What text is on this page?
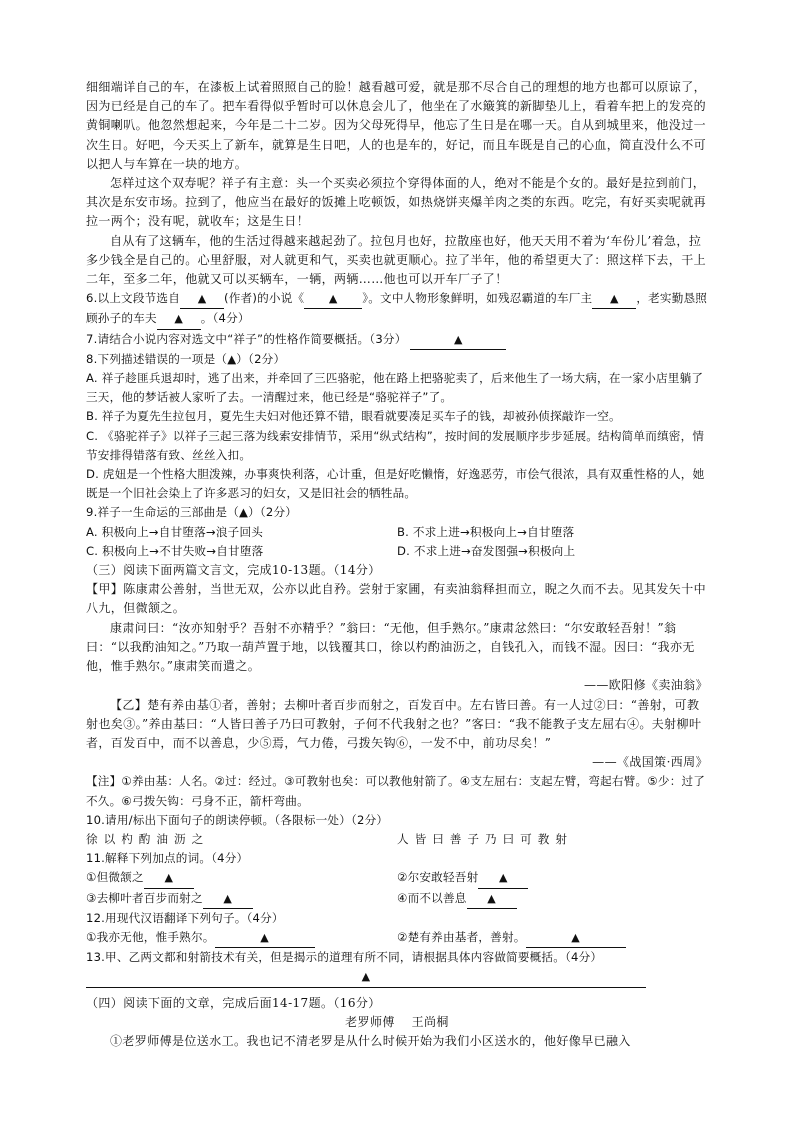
细细端详自己的车，在漆板上试着照照自己的脸！越看越可爱，就是那不尽合自己的理想的地方也都可以原谅了，因为已经是自己的车了。把车看得似乎暂时可以休息会儿了，他坐在了水簸箕的新脚垫儿上，看着车把上的发亮的黄铜喇叭。他忽然想起来，今年是二十二岁。因为父母死得早，他忘了生日是在哪一天。自从到城里来，他没过一次生日。好吧，今天买上了新车，就算是生日吧，人的也是车的，好记，而且车既是自己的心血，简直没什么不可以把人与车算在一块的地方。

怎样过这个双寿呢？祥子有主意：头一个买卖必须拉个穿得体面的人，绝对不能是个女的。最好是拉到前门，其次是东安市场。拉到了，他应当在最好的饭摊上吃顿饭，如热烧饼夹爆羊肉之类的东西。吃完，有好买卖呢就再拉一两个；没有呢，就收车；这是生日！

自从有了这辆车，他的生活过得越来越起劲了。拉包月也好，拉散座也好，他天天用不着为‘车份儿’着急，拉多少钱全是自己的。心里舒服，对人就更和气，买卖也就更顺心。拉了半年，他的希望更大了：照这样下去，干上二年，至多二年，他就又可以买辆车，一辆，两辆……他也可以开车厂子了！

6.以上文段节选自 ▲ (作者)的小说《 ▲ 》。文中人物形象鲜明，如残忍霸道的车厂主 ▲ ，老实勤恳照顾孙子的车夫 ▲ 。（4分）

7.请结合小说内容对选文中“祥子”的性格作简要概括。（3分）	▲

8.下列描述错误的一项是（▲）（2分）

A. 祥子趁匪兵退却时，逃了出来，并牵回了三匹骆驼，他在路上把骆驼卖了，后来他生了一场大病，在一家小店里躺了三天，他的梦话被人家听了去。一清醒过来，他已经是“骆驼祥子”了。

B. 祥子为夏先生拉包月，夏先生夫妇对他还算不错，眼看就要凑足买车子的钱，却被孙侦探敲诈一空。

C. 《骆驼祥子》以祥子三起三落为线索安排情节，采用“纵式结构”，按时间的发展顺序步步延展。结构简单而缜密，情节安排得错落有致、丝丝入扣。

D. 虎妞是一个性格大胆泼辣，办事爽快利落，心计重，但是好吃懒惰，好逸恶劳，市侩气很浓，具有双重性格的人，她既是一个旧社会染上了许多恶习的妇女，又是旧社会的牺牲品。

9.祥子一生命运的三部曲是（▲）（2分）

A. 积极向上→自甘堕落→浪子回头	B. 不求上进→积极向上→自甘堕落

C. 积极向上→不甘失败→自甘堕落	D. 不求上进→奋发图强→积极向上

（三）阅读下面两篇文言文，完成10-13题。（14分）

【甲】陈康肃公善射，当世无双，公亦以此自矜。尝射于家圃，有卖油翁释担而立，睨之久而不去。见其发矢十中八九，但微颔之。

康肃问曰：“汝亦知射乎？吾射不亦精乎？”翁曰：“无他，但手熟尔。”康肃忿然曰：“尔安敢轻吾射！”翁曰：“以我酌油知之。”乃取一葫芦置于地，以钱覆其口，徐以杓酌油沥之，自钱孔入，而钱不湿。因曰：“我亦无他，惟手熟尔。”康肃笑而遣之。

——欧阳修《卖油翁》

【乙】楚有养由基①者，善射；去柳叶者百步而射之，百发百中。左右皆曰善。有一人过②曰：“善射，可教射也矣③。”养由基曰：“人皆曰善子乃曰可教射，子何不代我射之也？”客曰：“我不能教子支左屈右④。夫射柳叶者，百发百中，而不以善息，少⑤焉，气力倦，弓拨矢钩⑥，一发不中，前功尽矣！”

——《战国策·西周》

【注】①养由基：人名。②过：经过。③可教射也矣：可以教他射箭了。④支左屈右：支起左臂，弯起右臂。⑤少：过了不久。⑥弓拨矢钩：弓身不正，箭杆弯曲。

10.请用/标出下面句子的朗读停顿。（各限标一处）（2分）

徐以杓酌油沥之	人皆曰善子乃曰可教射

11.解释下列加点的词。（4分）

①但微颔之 ▲	②尔安敢轻吾射 ▲

③去柳叶者百步而射之 ▲	④而不以善息 ▲

12.用现代汉语翻译下列句子。（4分）

①我亦无他，惟手熟尔。	▲	②楚有养由基者，善射。	▲

13.甲、乙两文都和射箭技术有关，但是揭示的道理有所不同，请根据具体内容做简要概括。（4分）

▲

（四）阅读下面的文章，完成后面14-17题。（16分）

老罗师傅 王尚桐

①老罗师傅是位送水工。我也记不清老罗是从什么时候开始为我们小区送水的，他好像早已融入
